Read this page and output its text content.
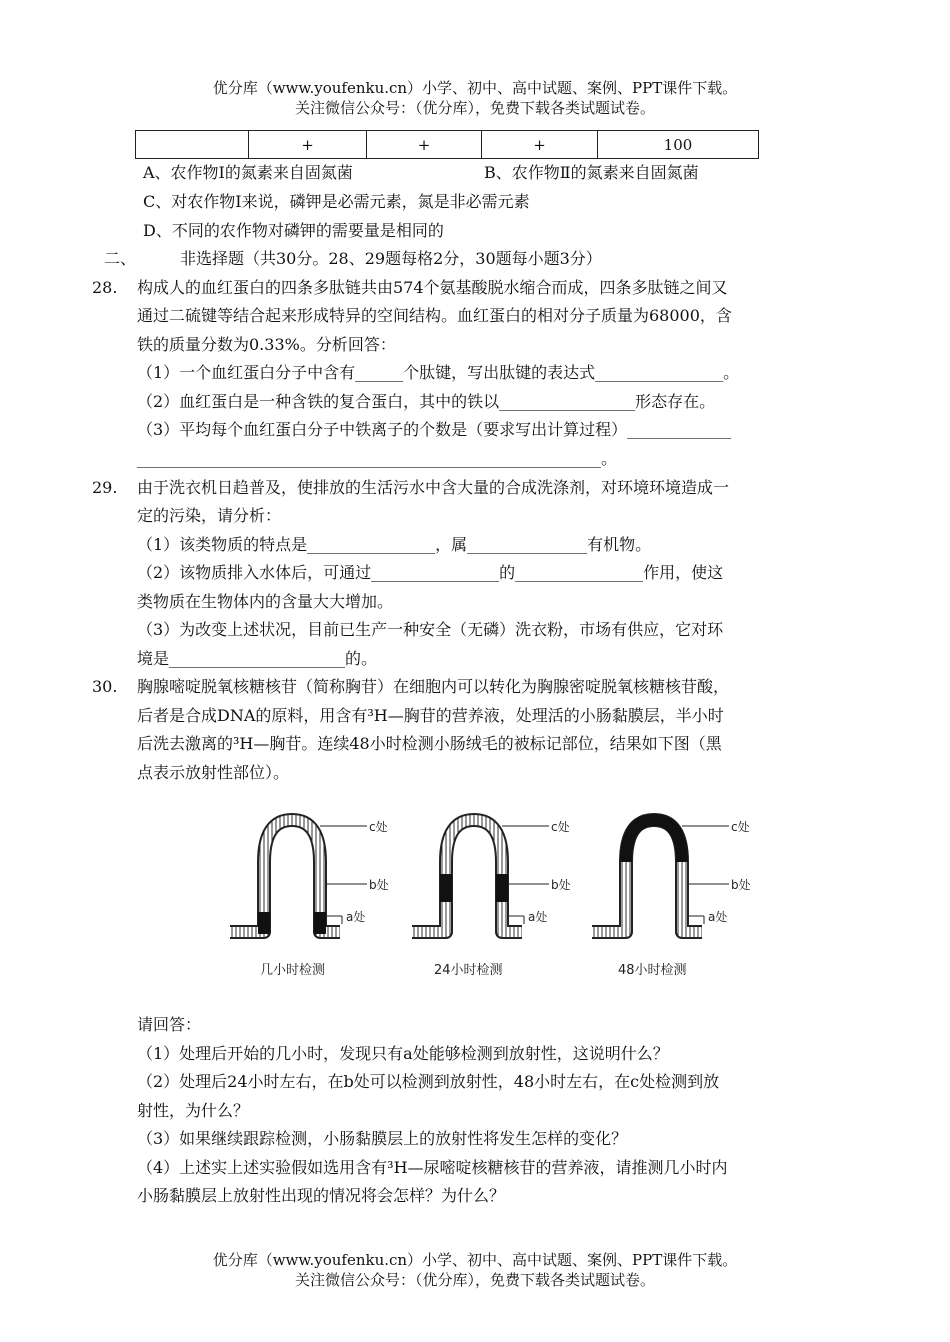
优分库（www.youfenku.cn）小学、初中、高中试题、案例、PPT课件下载。
关注微信公众号：（优分库），免费下载各类试题试卷。
	+	+	+	100
A、农作物Ⅰ的氮素来自固氮菌	B、农作物Ⅱ的氮素来自固氮菌
C、对农作物Ⅰ来说，磷钾是必需元素，氮是非必需元素
D、不同的农作物对磷钾的需要量是相同的
二、	非选择题（共30分。28、29题每格2分，30题每小题3分）
28. 构成人的血红蛋白的四条多肽链共由574个氨基酸脱水缩合而成，四条多肽链之间又
通过二硫键等结合起来形成特异的空间结构。血红蛋白的相对分子质量为68000，含
铁的质量分数为0.33%。分析回答：
（1）一个血红蛋白分子中含有______个肽键，写出肽键的表达式________________。
（2）血红蛋白是一种含铁的复合蛋白，其中的铁以_________________形态存在。
（3）平均每个血红蛋白分子中铁离子的个数是（要求写出计算过程）_____________
__________________________________________________________。
29. 由于洗衣机日趋普及，使排放的生活污水中含大量的合成洗涤剂，对环境环境造成一
定的污染，请分析：
（1）该类物质的特点是________________，属_______________有机物。
（2）该物质排入水体后，可通过________________的________________作用，使这
类物质在生物体内的含量大大增加。
（3）为改变上述状况，目前已生产一种安全（无磷）洗衣粉，市场有供应，它对环
境是______________________的。
30. 胸腺嘧啶脱氧核糖核苷（简称胸苷）在细胞内可以转化为胸腺密啶脱氧核糖核苷酸，
后者是合成DNA的原料，用含有³H—胸苷的营养液，处理活的小肠黏膜层，半小时
后洗去激离的³H—胸苷。连续48小时检测小肠绒毛的被标记部位，结果如下图（黑
点表示放射性部位）。
c处
b处
a处
几小时检测
c处
b处
a处
24小时检测
c处
b处
a处
48小时检测
请回答：
（1）处理后开始的几小时，发现只有a处能够检测到放射性，这说明什么？
（2）处理后24小时左右，在b处可以检测到放射性，48小时左右，在c处检测到放
射性，为什么？
（3）如果继续跟踪检测，小肠黏膜层上的放射性将发生怎样的变化？
（4）上述实上述实验假如选用含有³H—尿嘧啶核糖核苷的营养液，请推测几小时内
小肠黏膜层上放射性出现的情况将会怎样？为什么？
优分库（www.youfenku.cn）小学、初中、高中试题、案例、PPT课件下载。
关注微信公众号：（优分库），免费下载各类试题试卷。
